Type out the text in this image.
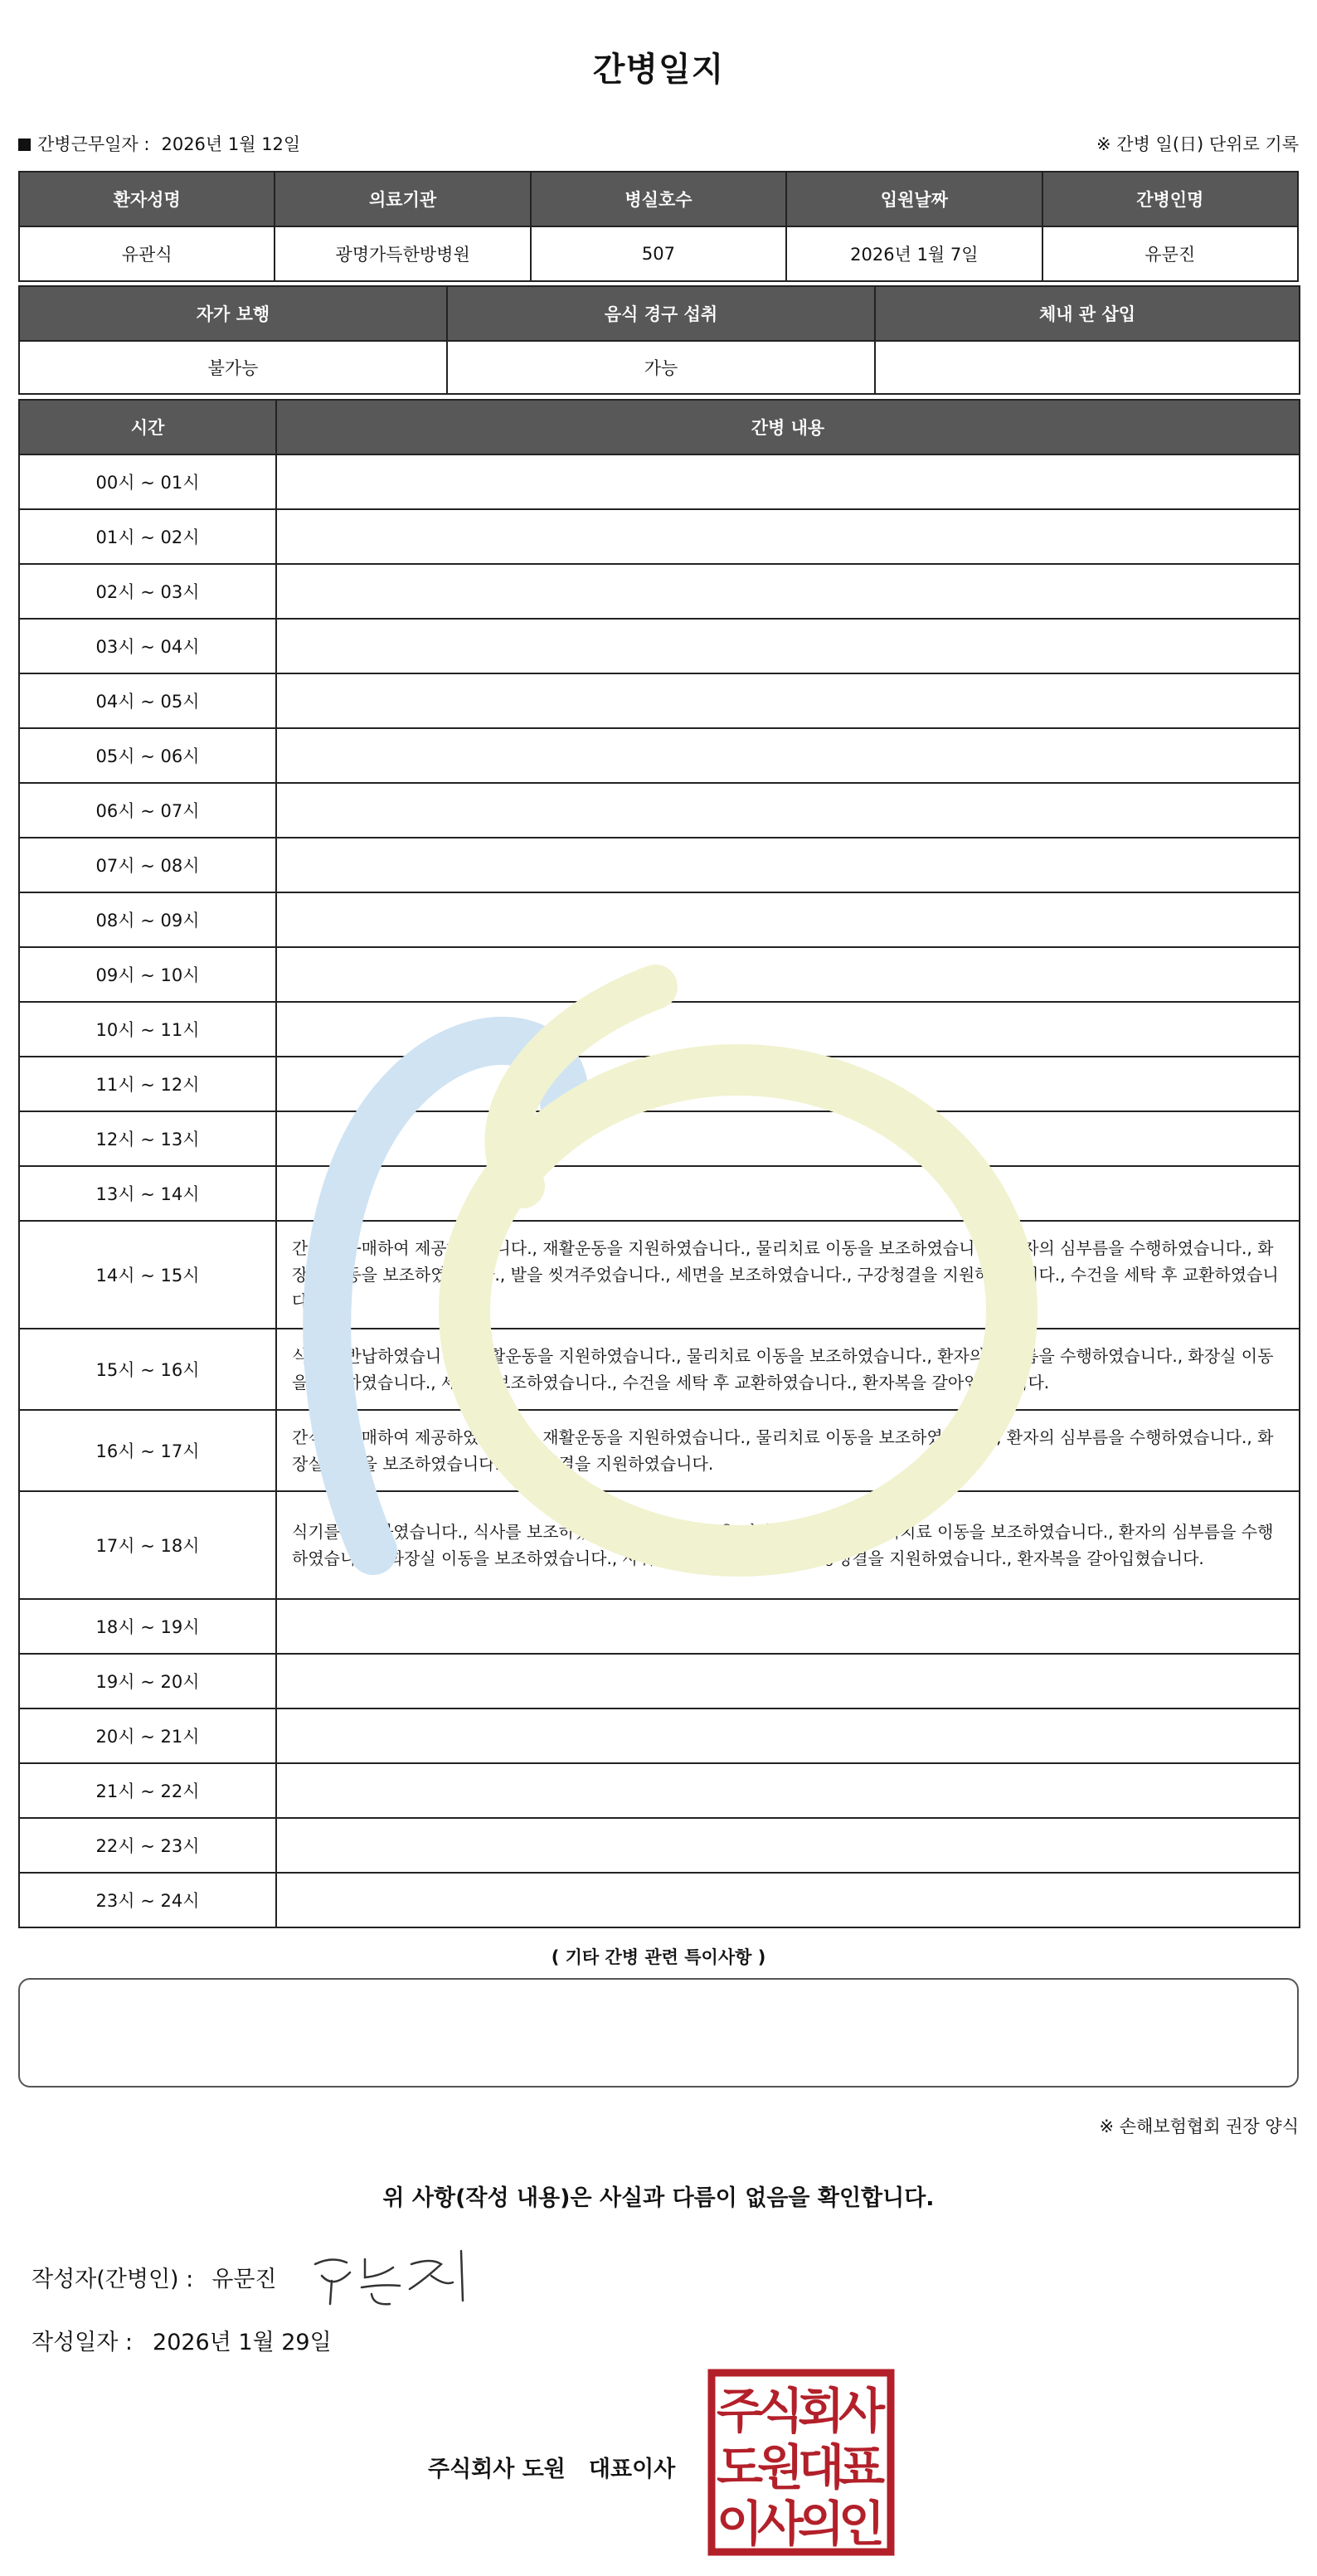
간병일지
간병근무일자 : 2026년 1월 12일	※ 간병 일(日) 단위로 기록
환자성명	의료기관	병실호수	입원날짜	간병인명
유관식	광명가득한방병원	507	2026년 1월 7일	유문진
자가 보행	음식 경구 섭취	체내 관 삽입
불가능	가능	
시간	간병 내용
00시 ~ 01시	
01시 ~ 02시	
02시 ~ 03시	
03시 ~ 04시	
04시 ~ 05시	
05시 ~ 06시	
06시 ~ 07시	
07시 ~ 08시	
08시 ~ 09시	
09시 ~ 10시	
10시 ~ 11시	
11시 ~ 12시	
12시 ~ 13시	
13시 ~ 14시	
14시 ~ 15시	간식을 구매하여 제공하였습니다., 재활운동을 지원하였습니다., 물리치료 이동을 보조하였습니다., 환자의 심부름을 수행하였습니다., 화장실 이동을 보조하였습니다., 발을 씻겨주었습니다., 세면을 보조하였습니다., 구강청결을 지원하였습니다., 수건을 세탁 후 교환하였습니다.
15시 ~ 16시	식기를 반납하였습니다., 재활운동을 지원하였습니다., 물리치료 이동을 보조하였습니다., 환자의 심부름을 수행하였습니다., 화장실 이동을 보조하였습니다., 세면을 보조하였습니다., 수건을 세탁 후 교환하였습니다., 환자복을 갈아입혔습니다.
16시 ~ 17시	간식을 구매하여 제공하였습니다., 재활운동을 지원하였습니다., 물리치료 이동을 보조하였습니다., 환자의 심부름을 수행하였습니다., 화장실 이동을 보조하였습니다., 구강청결을 지원하였습니다.
17시 ~ 18시	식기를 반납하였습니다., 식사를 보조하였습니다., 재활운동을 지원하였습니다., 물리치료 이동을 보조하였습니다., 환자의 심부름을 수행하였습니다., 화장실 이동을 보조하였습니다., 샤워를 지원하였습니다., 구강청결을 지원하였습니다., 환자복을 갈아입혔습니다.
18시 ~ 19시	
19시 ~ 20시	
20시 ~ 21시	
21시 ~ 22시	
22시 ~ 23시	
23시 ~ 24시	
( 기타 간병 관련 특이사항 )
※ 손해보험협회 권장 양식
위 사항(작성 내용)은 사실과 다름이 없음을 확인합니다.
작성자(간병인) : 유문진
작성일자 : 2026년 1월 29일
주식회사 도원 대표이사
주
식
회
사
도
원
대
표
이
사
의
인
